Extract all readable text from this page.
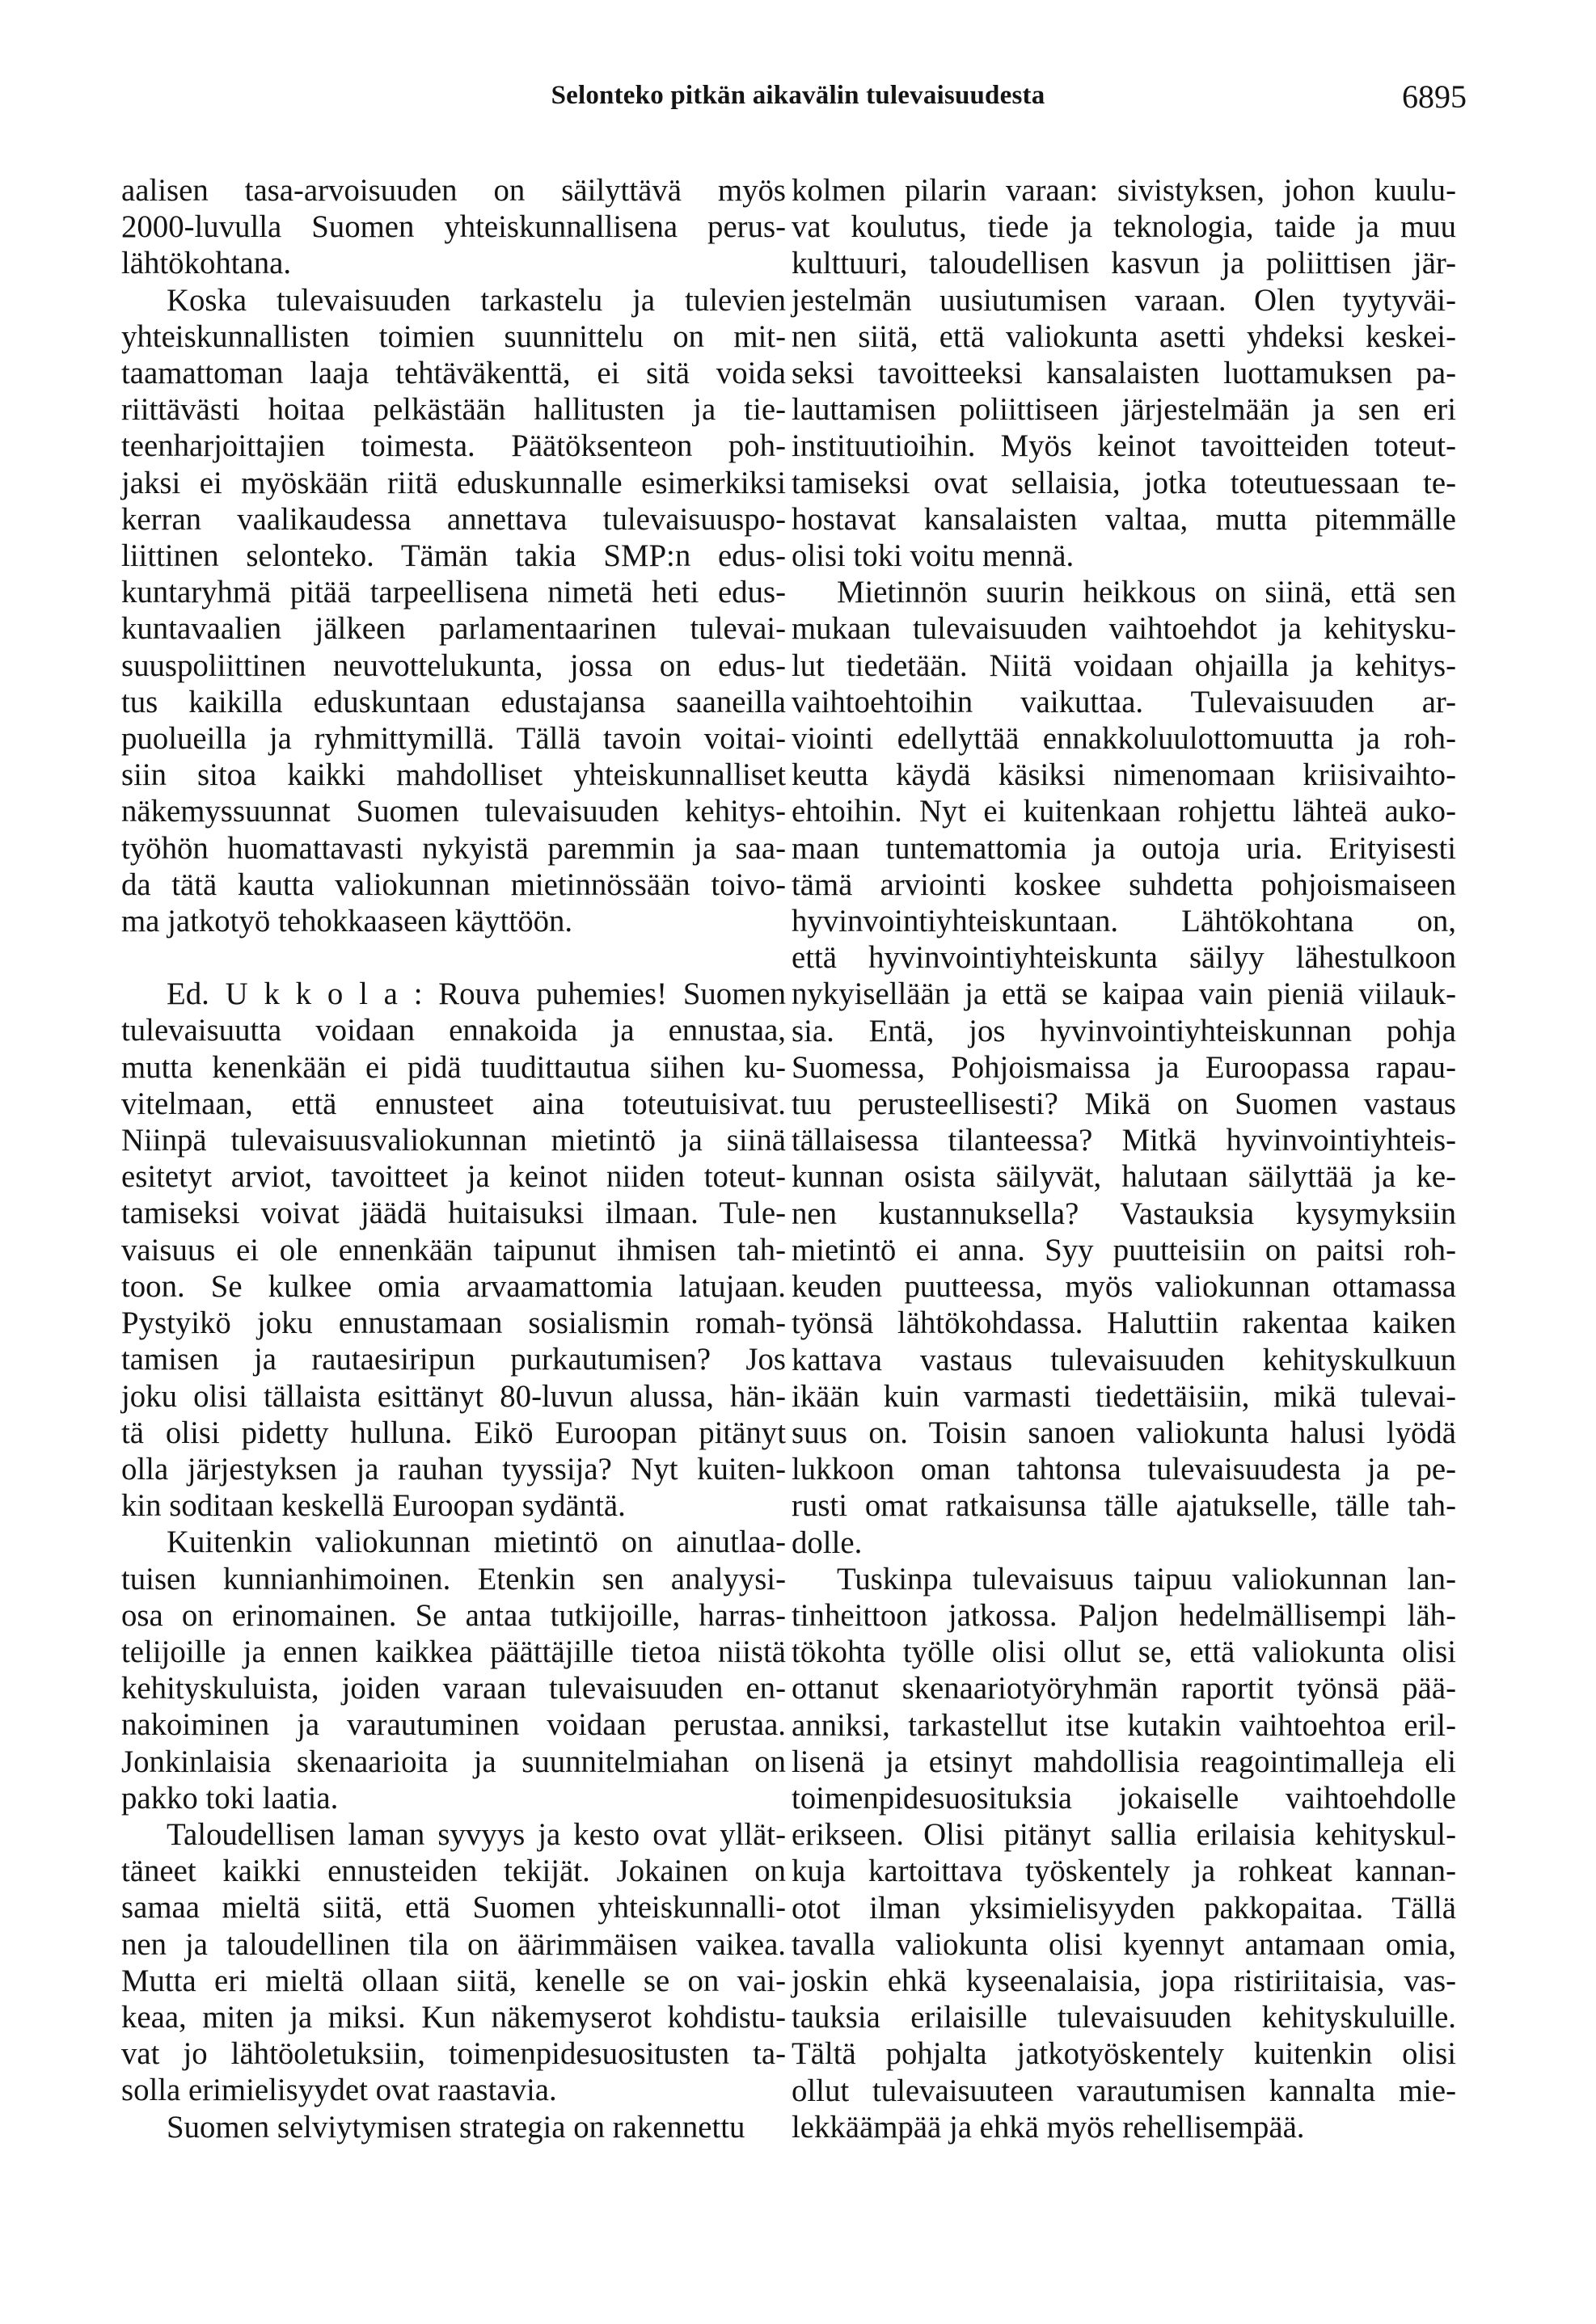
Selonteko pitkän aikavälin tulevaisuudesta	6895

aalisen tasa-arvoisuuden on säilyttävä myös
2000-luvulla Suomen yhteiskunnallisena perus-
lähtökohtana.

Koska tulevaisuuden tarkastelu ja tulevien
yhteiskunnallisten toimien suunnittelu on mit-
taamattoman laaja tehtäväkenttä, ei sitä voida
riittävästi hoitaa pelkästään hallitusten ja tie-
teenharjoittajien toimesta. Päätöksenteon poh-
jaksi ei myöskään riitä eduskunnalle esimerkiksi
kerran vaalikaudessa annettava tulevaisuuspo-
liittinen selonteko. Tämän takia SMP:n edus-
kuntaryhmä pitää tarpeellisena nimetä heti edus-
kuntavaalien jälkeen parlamentaarinen tulevai-
suuspoliittinen neuvottelukunta, jossa on edus-
tus kaikilla eduskuntaan edustajansa saaneilla
puolueilla ja ryhmittymillä. Tällä tavoin voitai-
siin sitoa kaikki mahdolliset yhteiskunnalliset
näkemyssuunnat Suomen tulevaisuuden kehitys-
työhön huomattavasti nykyistä paremmin ja saa-
da tätä kautta valiokunnan mietinnössään toivo-
ma jatkotyö tehokkaaseen käyttöön.

Ed. U k k o l a : Rouva puhemies! Suomen
tulevaisuutta voidaan ennakoida ja ennustaa,
mutta kenenkään ei pidä tuudittautua siihen ku-
vitelmaan, että ennusteet aina toteutuisivat.
Niinpä tulevaisuusvaliokunnan mietintö ja siinä
esitetyt arviot, tavoitteet ja keinot niiden toteut-
tamiseksi voivat jäädä huitaisuksi ilmaan. Tule-
vaisuus ei ole ennenkään taipunut ihmisen tah-
toon. Se kulkee omia arvaamattomia latujaan.
Pystyikö joku ennustamaan sosialismin romah-
tamisen ja rautaesiripun purkautumisen? Jos
joku olisi tällaista esittänyt 80-luvun alussa, hän-
tä olisi pidetty hulluna. Eikö Euroopan pitänyt
olla järjestyksen ja rauhan tyyssija? Nyt kuiten-
kin soditaan keskellä Euroopan sydäntä.

Kuitenkin valiokunnan mietintö on ainutlaa-
tuisen kunnianhimoinen. Etenkin sen analyysi-
osa on erinomainen. Se antaa tutkijoille, harras-
telijoille ja ennen kaikkea päättäjille tietoa niistä
kehityskuluista, joiden varaan tulevaisuuden en-
nakoiminen ja varautuminen voidaan perustaa.
Jonkinlaisia skenaarioita ja suunnitelmiahan on
pakko toki laatia.

Taloudellisen laman syvyys ja kesto ovat yllät-
täneet kaikki ennusteiden tekijät. Jokainen on
samaa mieltä siitä, että Suomen yhteiskunnalli-
nen ja taloudellinen tila on äärimmäisen vaikea.
Mutta eri mieltä ollaan siitä, kenelle se on vai-
keaa, miten ja miksi. Kun näkemyserot kohdistu-
vat jo lähtöoletuksiin, toimenpidesuositusten ta-
solla erimielisyydet ovat raastavia.

Suomen selviytymisen strategia on rakennettu

kolmen pilarin varaan: sivistyksen, johon kuulu-
vat koulutus, tiede ja teknologia, taide ja muu
kulttuuri, taloudellisen kasvun ja poliittisen jär-
jestelmän uusiutumisen varaan. Olen tyytyväi-
nen siitä, että valiokunta asetti yhdeksi keskei-
seksi tavoitteeksi kansalaisten luottamuksen pa-
lauttamisen poliittiseen järjestelmään ja sen eri
instituutioihin. Myös keinot tavoitteiden toteut-
tamiseksi ovat sellaisia, jotka toteutuessaan te-
hostavat kansalaisten valtaa, mutta pitemmälle
olisi toki voitu mennä.

Mietinnön suurin heikkous on siinä, että sen
mukaan tulevaisuuden vaihtoehdot ja kehitysku-
lut tiedetään. Niitä voidaan ohjailla ja kehitys-
vaihtoehtoihin vaikuttaa. Tulevaisuuden ar-
viointi edellyttää ennakkoluulottomuutta ja roh-
keutta käydä käsiksi nimenomaan kriisivaihto-
ehtoihin. Nyt ei kuitenkaan rohjettu lähteä auko-
maan tuntemattomia ja outoja uria. Erityisesti
tämä arviointi koskee suhdetta pohjoismaiseen
hyvinvointiyhteiskuntaan. Lähtökohtana on,
että hyvinvointiyhteiskunta säilyy lähestulkoon
nykyisellään ja että se kaipaa vain pieniä viilauk-
sia. Entä, jos hyvinvointiyhteiskunnan pohja
Suomessa, Pohjoismaissa ja Euroopassa rapau-
tuu perusteellisesti? Mikä on Suomen vastaus
tällaisessa tilanteessa? Mitkä hyvinvointiyhteis-
kunnan osista säilyvät, halutaan säilyttää ja ke-
nen kustannuksella? Vastauksia kysymyksiin
mietintö ei anna. Syy puutteisiin on paitsi roh-
keuden puutteessa, myös valiokunnan ottamassa
työnsä lähtökohdassa. Haluttiin rakentaa kaiken
kattava vastaus tulevaisuuden kehityskulkuun
ikään kuin varmasti tiedettäisiin, mikä tulevai-
suus on. Toisin sanoen valiokunta halusi lyödä
lukkoon oman tahtonsa tulevaisuudesta ja pe-
rusti omat ratkaisunsa tälle ajatukselle, tälle tah-
dolle.

Tuskinpa tulevaisuus taipuu valiokunnan lan-
tinheittoon jatkossa. Paljon hedelmällisempi läh-
tökohta työlle olisi ollut se, että valiokunta olisi
ottanut skenaariotyöryhmän raportit työnsä pää-
anniksi, tarkastellut itse kutakin vaihtoehtoa eril-
lisenä ja etsinyt mahdollisia reagointimalleja eli
toimenpidesuosituksia jokaiselle vaihtoehdolle
erikseen. Olisi pitänyt sallia erilaisia kehityskul-
kuja kartoittava työskentely ja rohkeat kannan-
otot ilman yksimielisyyden pakkopaitaa. Tällä
tavalla valiokunta olisi kyennyt antamaan omia,
joskin ehkä kyseenalaisia, jopa ristiriitaisia, vas-
tauksia erilaisille tulevaisuuden kehityskuluille.
Tältä pohjalta jatkotyöskentely kuitenkin olisi
ollut tulevaisuuteen varautumisen kannalta mie-
lekkäämpää ja ehkä myös rehellisempää.
